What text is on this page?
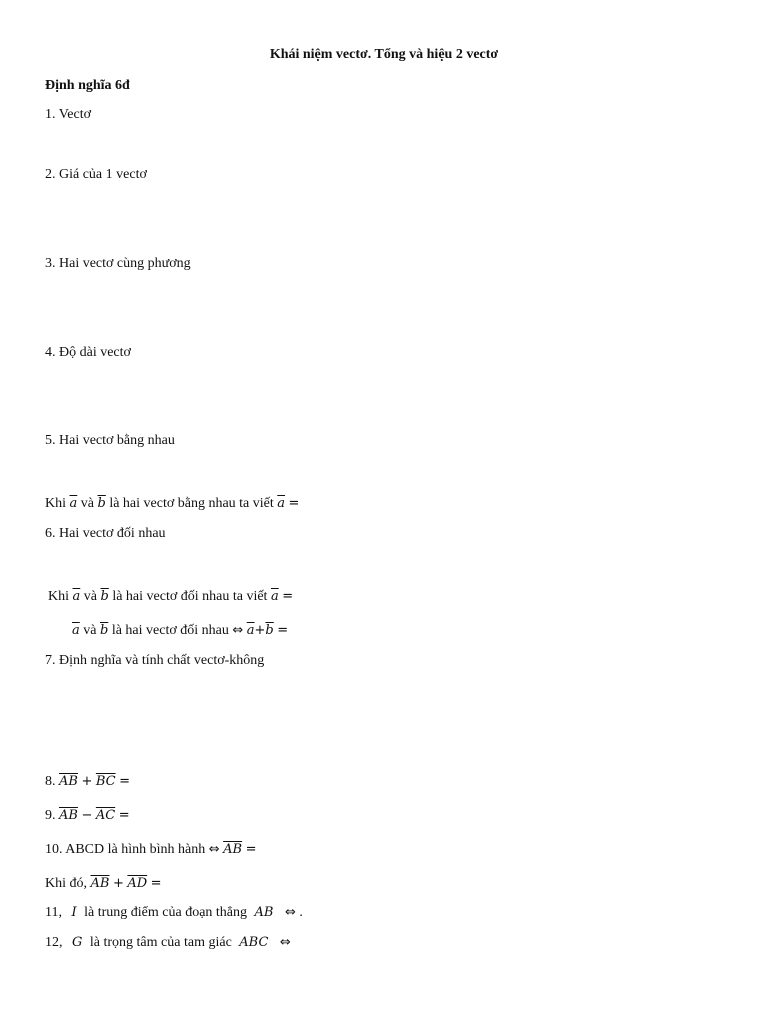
Khái niệm vectơ. Tổng và hiệu 2 vectơ
Định nghĩa 6đ
1. Vectơ
2. Giá của 1 vectơ
3. Hai vectơ cùng phương
4. Độ dài vectơ
5. Hai vectơ bằng nhau
Khi $\overline{a}$ và $\overline{b}$ là hai vectơ bằng nhau ta viết $\overline{a}$ =
6. Hai vectơ đối nhau
Khi $\overline{a}$ và $\overline{b}$ là hai vectơ đối nhau ta viết $\overline{a}$ =
$\overline{a}$ và $\overline{b}$ là hai vectơ đối nhau ⇔ $\overline{a}+\overline{b}$ =
7. Định nghĩa và tính chất vectơ-không
8. $\overline{AB} + \overline{BC}$ =
9. $\overline{AB} - \overline{AC}$ =
10. ABCD là hình bình hành ⇔ $\overline{AB}$ =
Khi đó, $\overline{AB} + \overline{AD}$ =
11, I là trung điểm của đoạn thẳng AB ⇔ .
12, G là trọng tâm của tam giác ABC ⇔
